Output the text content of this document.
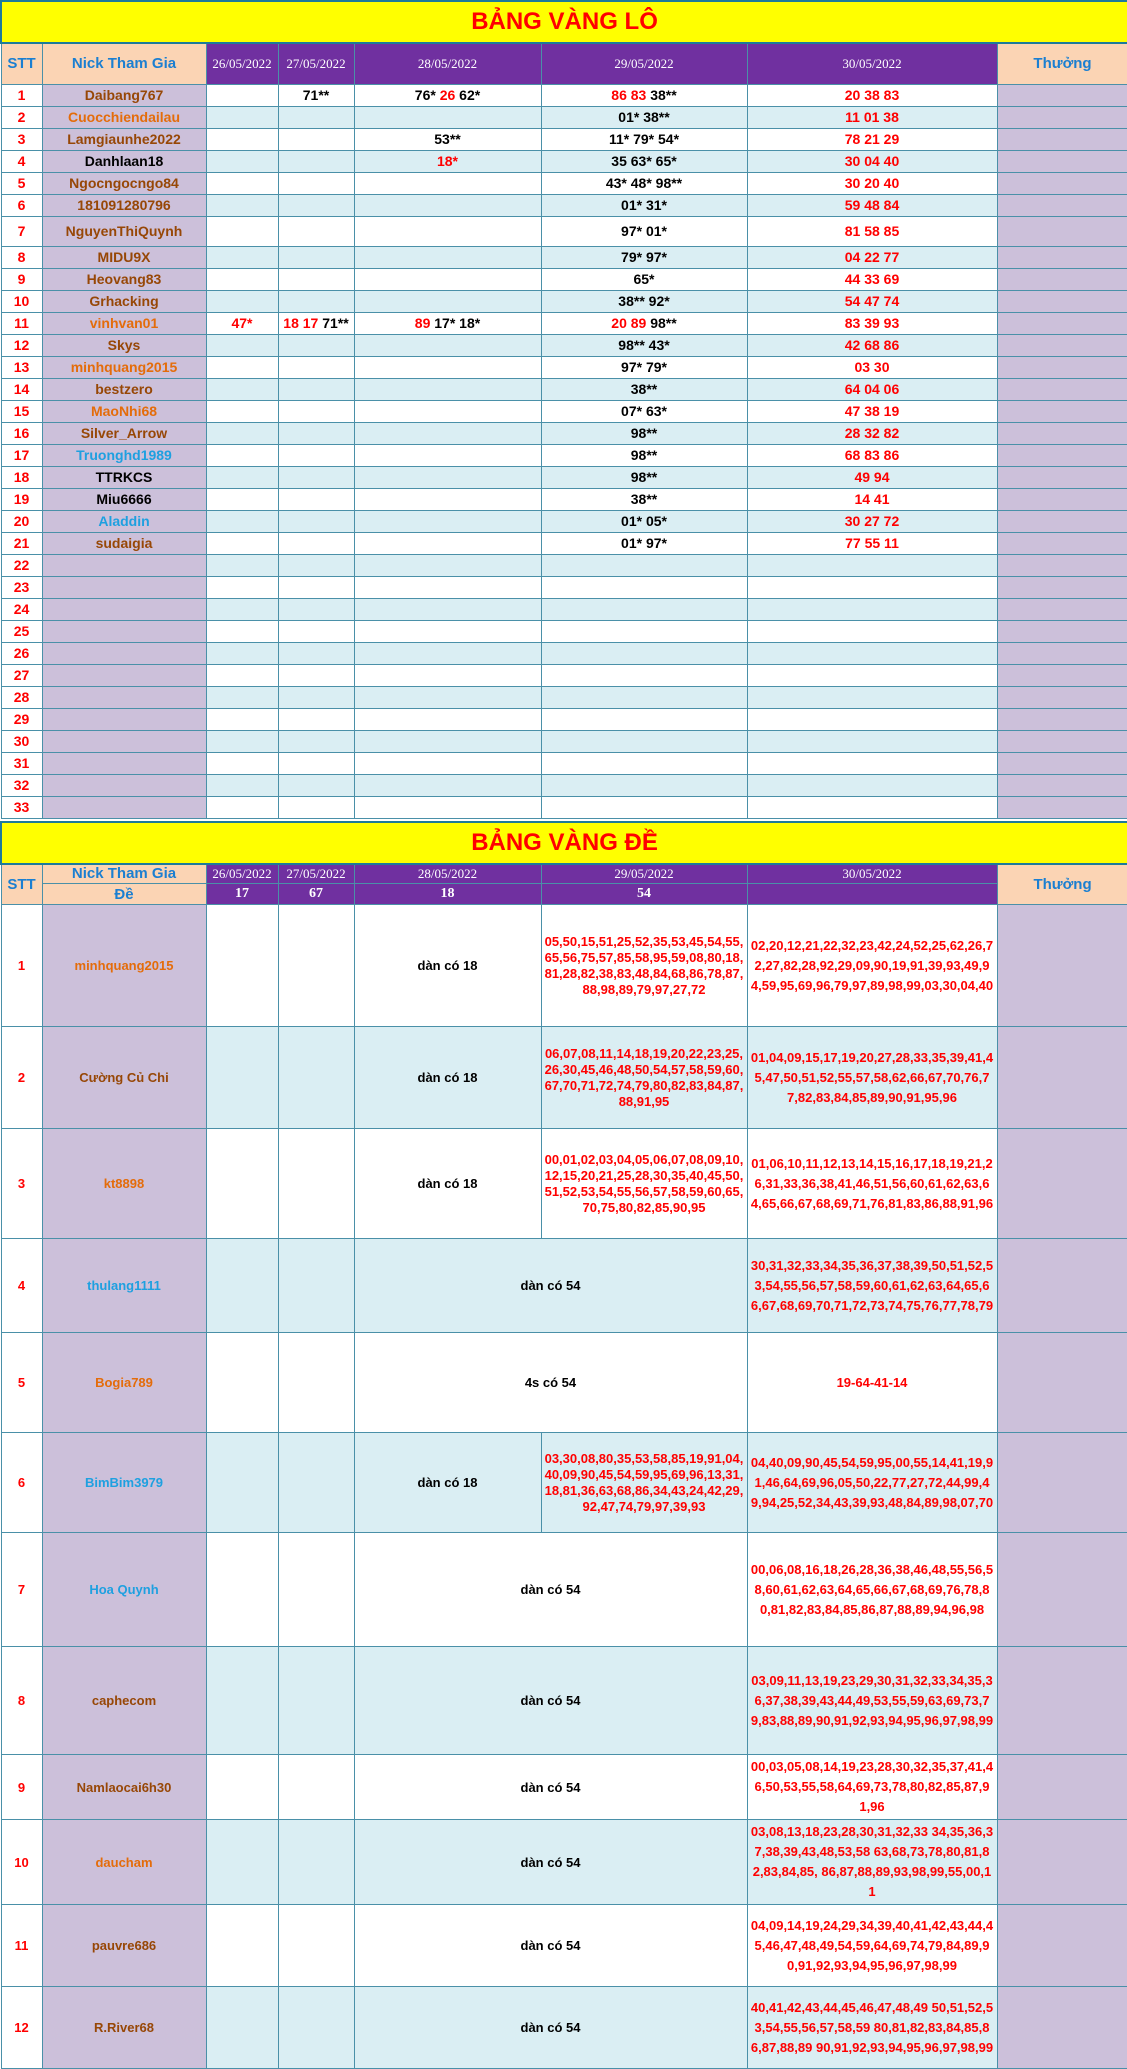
BẢNG VÀNG LÔ							
STT	Nick Tham Gia	26/05/2022	27/05/2022	28/05/2022	29/05/2022	30/05/2022	Thưởng
1	Daibang767		71**	76* 26 62*	86 83 38**	20 38 83	
2	Cuocchiendailau				01* 38**	11 01 38	
3	Lamgiaunhe2022			53**	11* 79* 54*	78 21 29	
4	Danhlaan18			18*	35 63* 65*	30 04 40	
5	Ngocngocngo84				43* 48* 98**	30 20 40	
6	181091280796				01* 31*	59 48 84	
7	NguyenThiQuynh				97* 01*	81 58 85	
8	MIDU9X				79* 97*	04 22 77	
9	Heovang83				65*	44 33 69	
10	Grhacking				38** 92*	54 47 74	
11	vinhvan01	47*	18 17 71**	89 17* 18*	20 89 98**	83 39 93	
12	Skys				98** 43*	42 68 86	
13	minhquang2015				97* 79*	03 30	
14	bestzero				38**	64 04 06	
15	MaoNhi68				07* 63*	47 38 19	
16	Silver_Arrow				98**	28 32 82	
17	Truonghd1989				98**	68 83 86	
18	TTRKCS				98**	49 94	
19	Miu6666				38**	14 41	
20	Aladdin				01* 05*	30 27 72	
21	sudaigia				01* 97*	77 55 11	
22							
23							
24							
25							
26							
27							
28							
29							
30							
31							
32							
33							
BẢNG VÀNG ĐỀ							
STT	Nick Tham Gia	26/05/2022	27/05/2022	28/05/2022	29/05/2022	30/05/2022	Thưởng
	Đề	17	67	18	54		
1	minhquang2015			dàn có 18	05,50,15,51,25,52,35,53,45,54,55,65,56,75,57,85,58,95,59,08,80,18,81,28,82,38,83,48,84,68,86,78,87,88,98,89,79,97,27,72	02,20,12,21,22,32,23,42,24,52,25,62,26,72,27,82,28,92,29,09,90,19,91,39,93,49,94,59,95,69,96,79,97,89,98,99,03,30,04,40	
2	Cường Củ Chi			dàn có 18	06,07,08,11,14,18,19,20,22,23,25,26,30,45,46,48,50,54,57,58,59,60,67,70,71,72,74,79,80,82,83,84,87,88,91,95	01,04,09,15,17,19,20,27,28,33,35,39,41,45,47,50,51,52,55,57,58,62,66,67,70,76,77,82,83,84,85,89,90,91,95,96	
3	kt8898			dàn có 18	00,01,02,03,04,05,06,07,08,09,10,12,15,20,21,25,28,30,35,40,45,50,51,52,53,54,55,56,57,58,59,60,65,70,75,80,82,85,90,95	01,06,10,11,12,13,14,15,16,17,18,19,21,26,31,33,36,38,41,46,51,56,60,61,62,63,64,65,66,67,68,69,71,76,81,83,86,88,91,96	
4	thulang1111			dàn có 54		30,31,32,33,34,35,36,37,38,39,50,51,52,53,54,55,56,57,58,59,60,61,62,63,64,65,66,67,68,69,70,71,72,73,74,75,76,77,78,79	
5	Bogia789			4s có 54		19-64-41-14	
6	BimBim3979			dàn có 18	03,30,08,80,35,53,58,85,19,91,04,40,09,90,45,54,59,95,69,96,13,31,18,81,36,63,68,86,34,43,24,42,29,92,47,74,79,97,39,93	04,40,09,90,45,54,59,95,00,55,14,41,19,91,46,64,69,96,05,50,22,77,27,72,44,99,49,94,25,52,34,43,39,93,48,84,89,98,07,70	
7	Hoa Quynh			dàn có 54		00,06,08,16,18,26,28,36,38,46,48,55,56,58,60,61,62,63,64,65,66,67,68,69,76,78,80,81,82,83,84,85,86,87,88,89,94,96,98	
8	caphecom			dàn có 54		03,09,11,13,19,23,29,30,31,32,33,34,35,36,37,38,39,43,44,49,53,55,59,63,69,73,79,83,88,89,90,91,92,93,94,95,96,97,98,99	
9	Namlaocai6h30			dàn có 54		00,03,05,08,14,19,23,28,30,32,35,37,41,46,50,53,55,58,64,69,73,78,80,82,85,87,91,96	
10	daucham			dàn có 54		03,08,13,18,23,28,30,31,32,33 34,35,36,37,38,39,43,48,53,58 63,68,73,78,80,81,82,83,84,85, 86,87,88,89,93,98,99,55,00,11	
11	pauvre686			dàn có 54		04,09,14,19,24,29,34,39,40,41,42,43,44,45,46,47,48,49,54,59,64,69,74,79,84,89,90,91,92,93,94,95,96,97,98,99	
12	R.River68			dàn có 54		40,41,42,43,44,45,46,47,48,49 50,51,52,53,54,55,56,57,58,59 80,81,82,83,84,85,86,87,88,89 90,91,92,93,94,95,96,97,98,99	
